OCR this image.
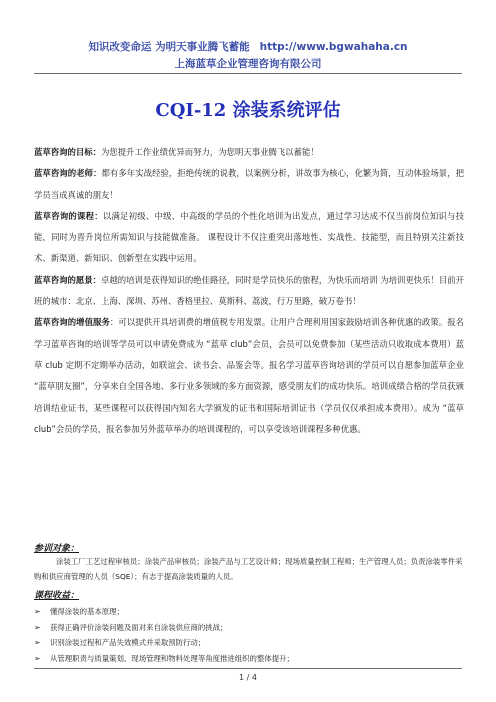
知识改变命运 为明天事业腾飞蓄能 http://www.bgwahaha.cn
上海蓝草企业管理咨询有限公司
CQI-12 涂装系统评估

蓝草咨询的目标：为您提升工作业绩优异而努力，为您明天事业腾飞以蓄能！

蓝草咨询的老师：都有多年实战经验，拒绝传统的说教，以案例分析，讲故事为核心，化繁为简，互动体验场景，把学员当成真诚的朋友！

蓝草咨询的课程：以满足初级、中级、中高级的学员的个性化培训为出发点，通过学习达成不仅当前岗位知识与技能，同时为晋升岗位所需知识与技能做准备。 课程设计不仅注重突出落地性、实战性、技能型，而且特别关注新技术、新渠道、新知识、创新型在实践中运用。

蓝草咨询的愿景：卓越的培训是获得知识的绝佳路径，同时是学员快乐的旅程，为快乐而培训 为培训更快乐！目前开班的城市：北京、上海、深圳、苏州、香格里拉、莫斯科、荔波，行万里路，破万卷书！

蓝草咨询的增值服务：可以提供开具培训费的增值税专用发票。让用户合理利用国家鼓励培训各种优惠的政策。报名学习蓝草咨询的培训等学员可以申请免费成为 “蓝草 club”会员，会员可以免费参加（某些活动只收取成本费用）蓝草 club 定期不定期举办活动，如联谊会、读书会、品鉴会等。报名学习蓝草咨询培训的学员可以自愿参加蓝草企业 “蓝草朋友圈”，分享来自全国各地、多行业多领域的多方面资源，感受朋友们的成功快乐。培训成绩合格的学员获颁培训结业证书，某些课程可以获得国内知名大学颁发的证书和国际培训证书（学员仅仅承担成本费用）。成为 “蓝草 club”会员的学员，报名参加另外蓝草举办的培训课程的，可以享受该培训课程多种优惠。

参训对象：
涂装工厂工艺过程审核员；涂装产品审核员；涂装产品与工艺设计师；现场质量控制工程师；生产管理人员；负责涂装零件采购和供应商管理的人员（SQE）；有志于提高涂装质量的人员。
课程收益：
➢ 懂得涂装的基本原理；
➢ 获得正确评价涂装问题及面对来自涂装供应商的挑战；
➢ 识别涂装过程和产品失效模式并采取预防行动；
➢ 从管理职责与质量策划、现场管理和物料处理等角度推进组织的整体提升；
1 / 4
